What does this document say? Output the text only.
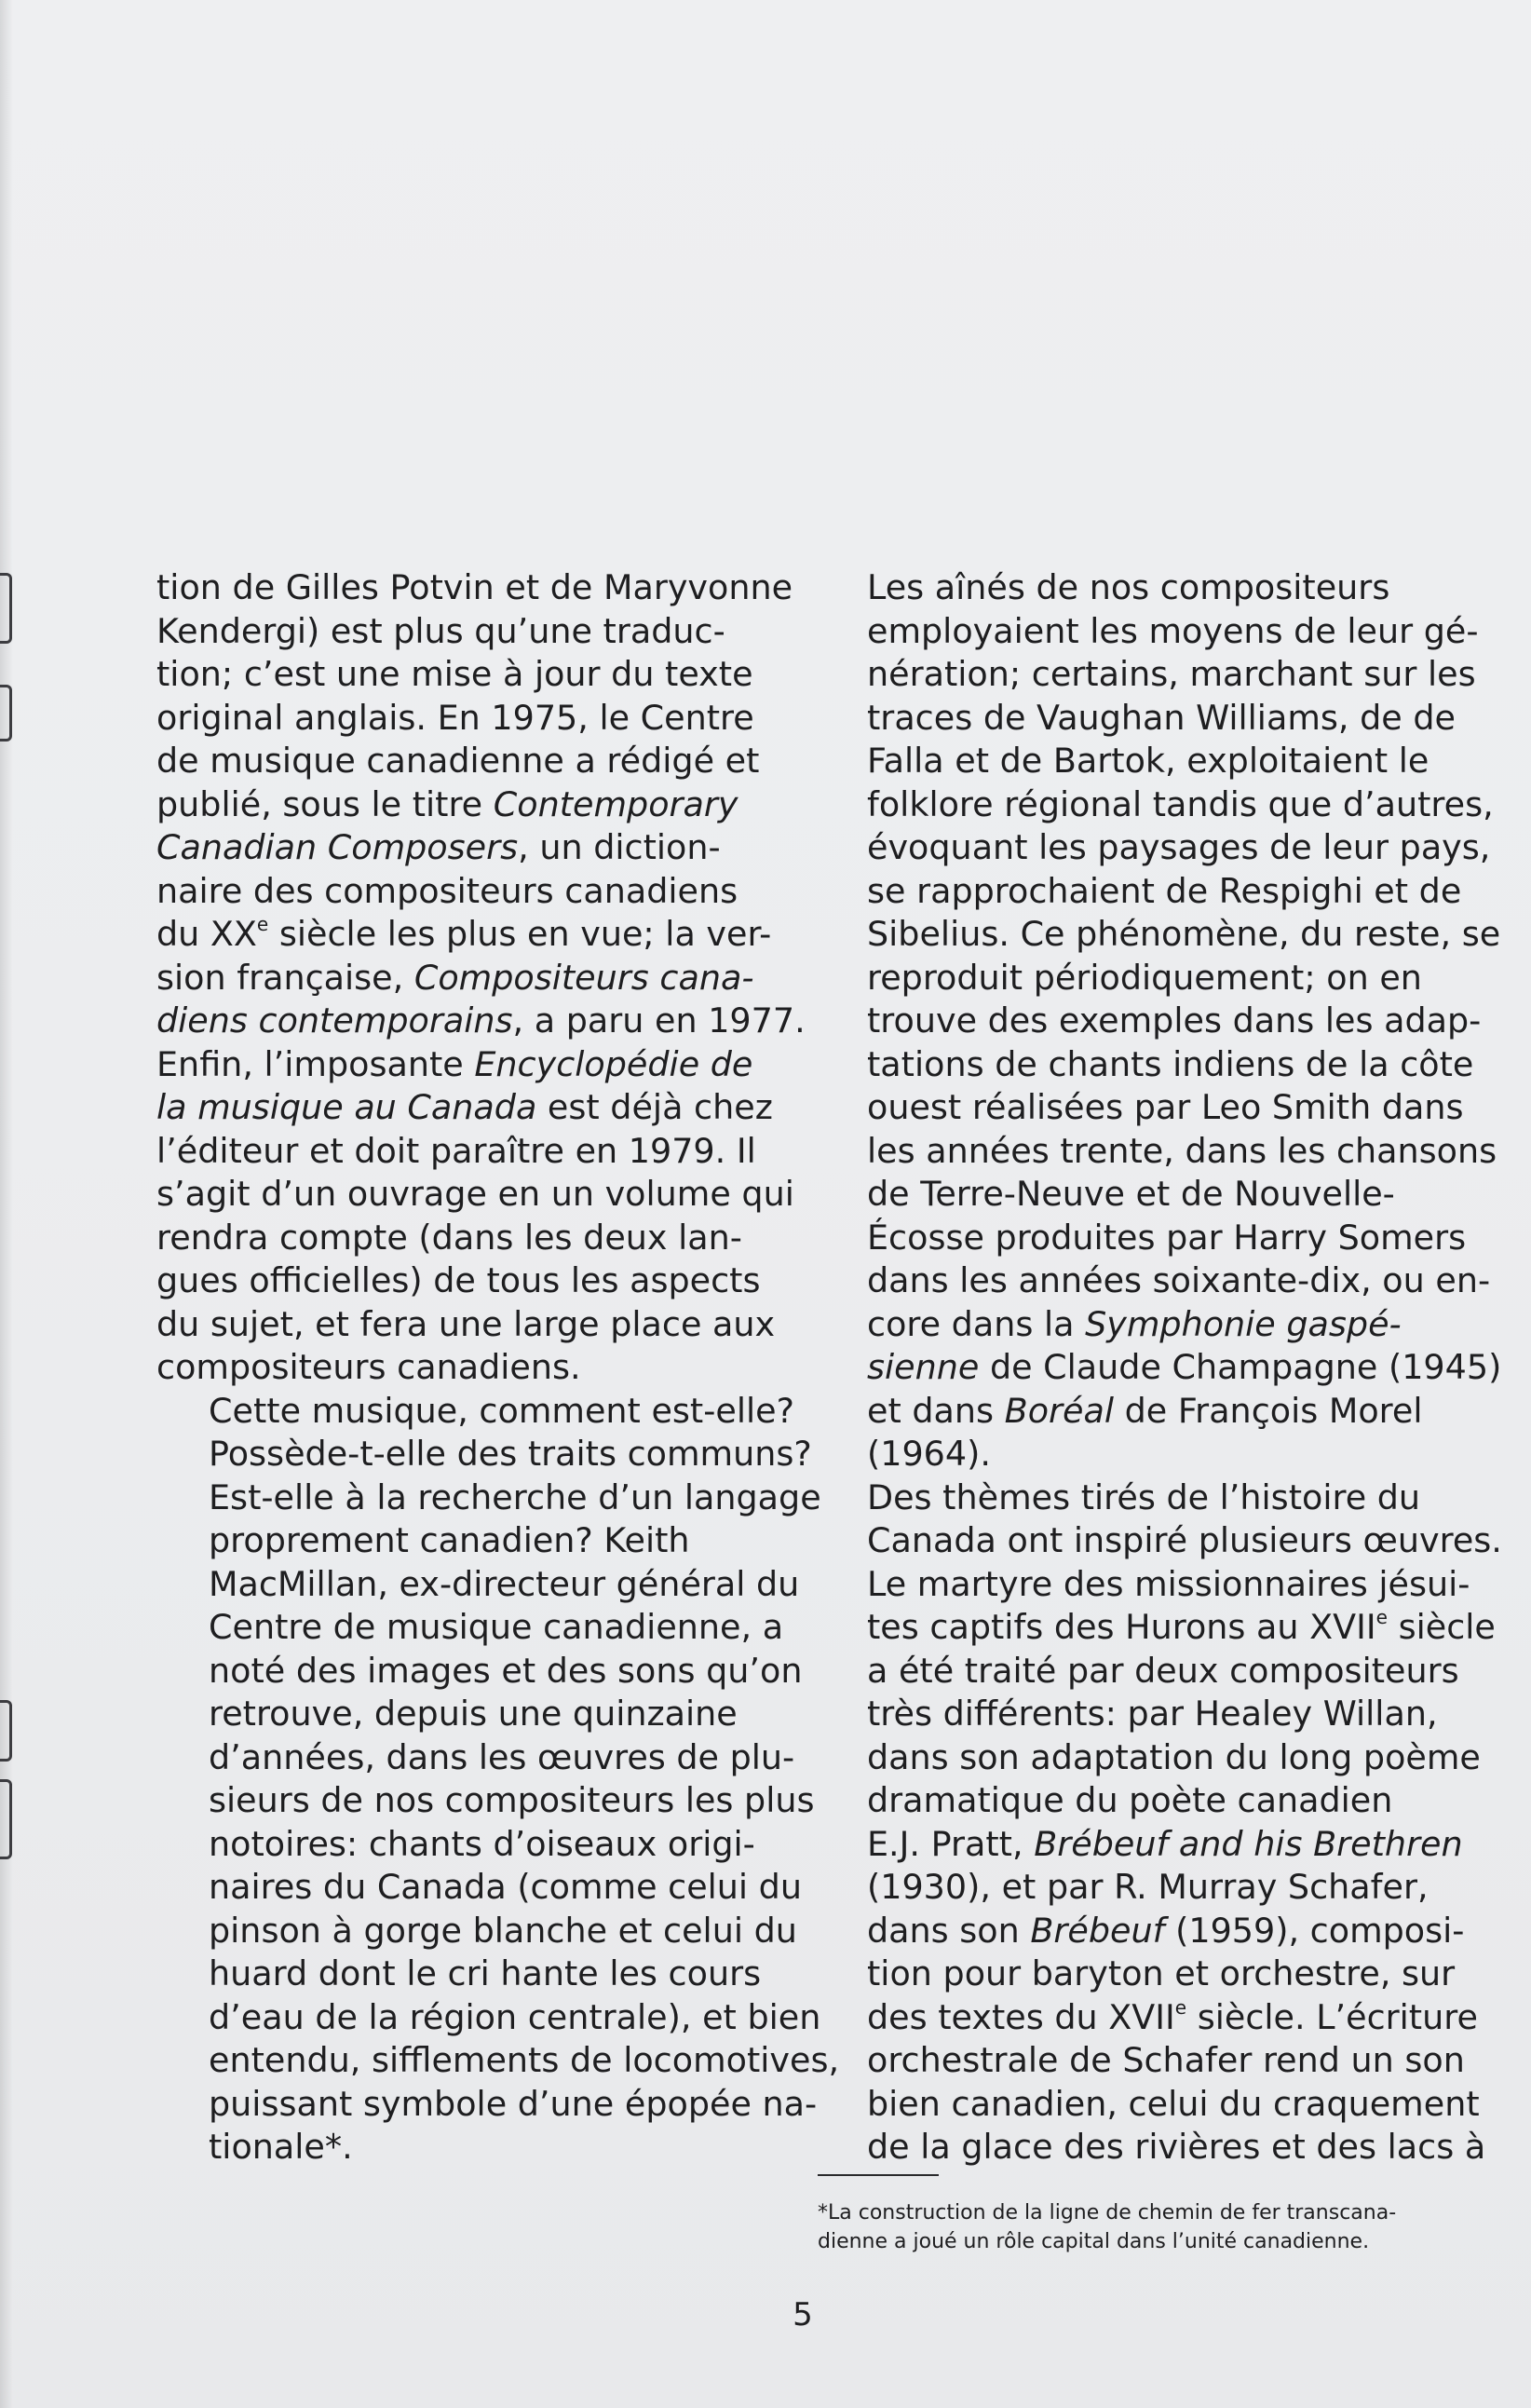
tion de Gilles Potvin et de Maryvonne
Kendergi) est plus qu’une traduc-
tion; c’est une mise à jour du texte
original anglais. En 1975, le Centre
de musique canadienne a rédigé et
publié, sous le titre Contemporary
Canadian Composers, un diction-
naire des compositeurs canadiens
du XXe siècle les plus en vue; la ver-
sion française, Compositeurs cana-
diens contemporains, a paru en 1977.
Enfin, l’imposante Encyclopédie de
la musique au Canada est déjà chez
l’éditeur et doit paraître en 1979. Il
s’agit d’un ouvrage en un volume qui
rendra compte (dans les deux lan-
gues officielles) de tous les aspects
du sujet, et fera une large place aux
compositeurs canadiens.

Cette musique, comment est-elle?
Possède-t-elle des traits communs?
Est-elle à la recherche d’un langage
proprement canadien? Keith
MacMillan, ex-directeur général du
Centre de musique canadienne, a
noté des images et des sons qu’on
retrouve, depuis une quinzaine
d’années, dans les œuvres de plu-
sieurs de nos compositeurs les plus
notoires: chants d’oiseaux origi-
naires du Canada (comme celui du
pinson à gorge blanche et celui du
huard dont le cri hante les cours
d’eau de la région centrale), et bien
entendu, sifflements de locomotives,
puissant symbole d’une épopée na-
tionale*.

Les aînés de nos compositeurs
employaient les moyens de leur gé-
nération; certains, marchant sur les
traces de Vaughan Williams, de de
Falla et de Bartok, exploitaient le
folklore régional tandis que d’autres,
évoquant les paysages de leur pays,
se rapprochaient de Respighi et de
Sibelius. Ce phénomène, du reste, se
reproduit périodiquement; on en
trouve des exemples dans les adap-
tations de chants indiens de la côte
ouest réalisées par Leo Smith dans
les années trente, dans les chansons
de Terre-Neuve et de Nouvelle-
Écosse produites par Harry Somers
dans les années soixante-dix, ou en-
core dans la Symphonie gaspé-
sienne de Claude Champagne (1945)
et dans Boréal de François Morel
(1964).

Des thèmes tirés de l’histoire du
Canada ont inspiré plusieurs œuvres.
Le martyre des missionnaires jésui-
tes captifs des Hurons au XVIIe siècle
a été traité par deux compositeurs
très différents: par Healey Willan,
dans son adaptation du long poème
dramatique du poète canadien
E.J. Pratt, Brébeuf and his Brethren
(1930), et par R. Murray Schafer,
dans son Brébeuf (1959), composi-
tion pour baryton et orchestre, sur
des textes du XVIIe siècle. L’écriture
orchestrale de Schafer rend un son
bien canadien, celui du craquement
de la glace des rivières et des lacs à

*La construction de la ligne de chemin de fer transcana-
dienne a joué un rôle capital dans l’unité canadienne.
5
